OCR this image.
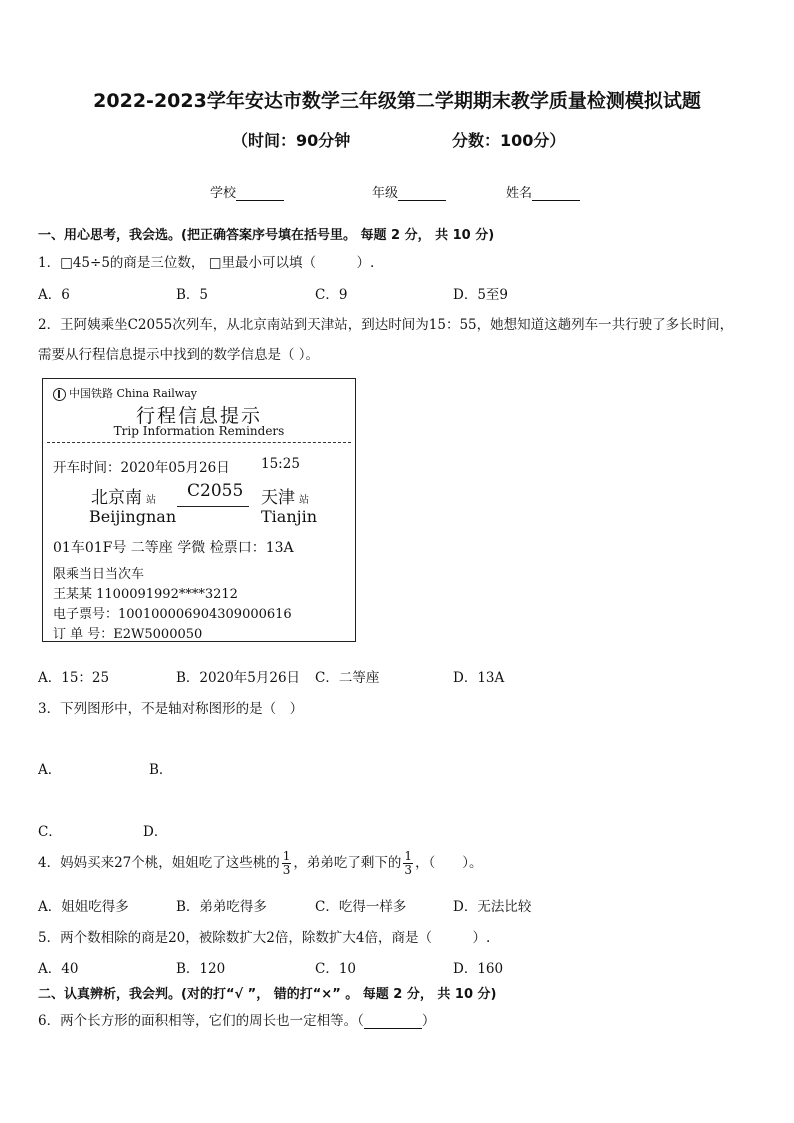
2022-2023学年安达市数学三年级第二学期期末教学质量检测模拟试题
（时间：90分钟	分数：100分）
学校	年级	姓名
一、用心思考，我会选。(把正确答案序号填在括号里。 每题 2 分， 共 10 分)
1．□45÷5的商是三位数， □里最小可以填（　　　）.
A．6	B．5	C．9	D．5至9
2．王阿姨乘坐C2055次列车，从北京南站到天津站，到达时间为15：55，她想知道这趟列车一共行驶了多长时间，
需要从行程信息提示中找到的数学信息是（ ）。
中国铁路 China Railway
行程信息提示
Trip Information Reminders
开车时间：2020年05月26日 15:25
北京南 站
Beijingnan
C2055 天津 站
Tianjin
01车01F号 二等座 学微 检票口：13A
限乘当日当次车
王某某 1100091992****3212
电子票号：10010000690430900061​6
订 单 号：E2W5000050
A．15：25	B．2020年5月26日 C．二等座	D．13A
3．下列图形中，不是轴对称图形的是（　）
A．	B．
C．	D．
4．妈妈买来27个桃，姐姐吃了这些桃的 $\frac{1}{3}$ ，弟弟吃了剩下的 $\frac{1}{3}$ ，（　　）。
A．姐姐吃得多	B．弟弟吃得多	C．吃得一样多	D．无法比较
5．两个数相除的商是20，被除数扩大2倍，除数扩大4倍，商是（　　　）.
A．40	B．120	C．10	D．160
二、认真辨析，我会判。(对的打“√ ”， 错的打“×” 。 每题 2 分， 共 10 分)
6．两个长方形的面积相等，它们的周长也一定相等。（	）
